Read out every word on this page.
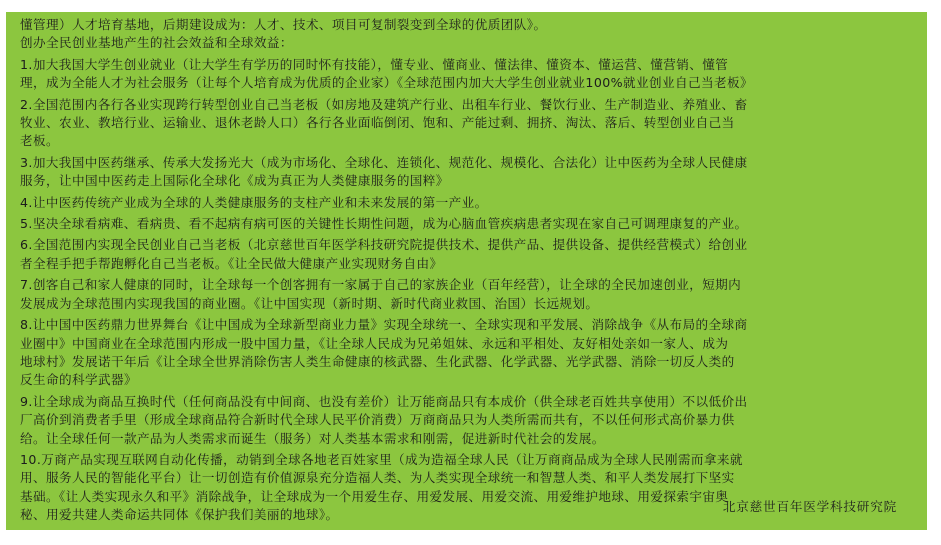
懂管理）人才培育基地，后期建设成为：人才、技术、项目可复制裂变到全球的优质团队》。
创办全民创业基地产生的社会效益和全球效益：
1.加大我国大学生创业就业（让大学生有学历的同时怀有技能），懂专业、懂商业、懂法律、懂资本、懂运营、懂营销、懂管
理，成为全能人才为社会服务（让每个人培育成为优质的企业家）《全球范围内加大大学生创业就业100%就业创业自己当老板》
2.全国范围内各行各业实现跨行转型创业自己当老板（如房地及建筑产行业、出租车行业、餐饮行业、生产制造业、养殖业、畜
牧业、农业、教培行业、运输业、退休老龄人口）各行各业面临倒闭、饱和、产能过剩、拥挤、淘汰、落后、转型创业自己当
老板。
3.加大我国中医药继承、传承大发扬光大（成为市场化、全球化、连锁化、规范化、规模化、合法化）让中医药为全球人民健康
服务，让中国中医药走上国际化全球化《成为真正为人类健康服务的国粹》
4.让中医药传统产业成为全球的人类健康服务的支柱产业和未来发展的第一产业。
5.坚决全球看病难、看病贵、看不起病有病可医的关键性长期性问题，成为心脑血管疾病患者实现在家自己可调理康复的产业。
6.全国范围内实现全民创业自己当老板（北京慈世百年医学科技研究院提供技术、提供产品、提供设备、提供经营模式）给创业
者全程手把手帮跑孵化自己当老板。《让全民做大健康产业实现财务自由》
7.创客自己和家人健康的同时，让全球每一个创客拥有一家属于自己的家族企业（百年经营），让全球的全民加速创业，短期内
发展成为全球范围内实现我国的商业圈。《让中国实现（新时期、新时代商业救国、治国）长远规划。
8.让中国中医药鼎力世界舞台《让中国成为全球新型商业力量》实现全球统一、全球实现和平发展、消除战争《从布局的全球商
业圈中》中国商业在全球范围内形成一股中国力量，《让全球人民成为兄弟姐妹、永远和平相处、友好相处亲如一家人、成为
地球村》发展诺干年后《让全球全世界消除伤害人类生命健康的核武器、生化武器、化学武器、光学武器、消除一切反人类的
反生命的科学武器》
9.让全球成为商品互换时代（任何商品没有中间商、也没有差价）让万能商品只有本成价（供全球老百姓共享使用）不以低价出
厂高价到消费者手里（形成全球商品符合新时代全球人民平价消费）万商商品只为人类所需而共有，不以任何形式高价暴力供
给。让全球任何一款产品为人类需求而诞生（服务）对人类基本需求和刚需，促进新时代社会的发展。
10.万商产品实现互联网自动化传播，动销到全球各地老百姓家里（成为造福全球人民（让万商商品成为全球人民刚需而拿来就
用、服务人民的智能化平台）让一切创造有价值源泉充分造福人类、为人类实现全球统一和智慧人类、和平人类发展打下坚实
基础。《让人类实现永久和平》消除战争，让全球成为一个用爱生存、用爱发展、用爱交流、用爱维护地球、用爱探索宇宙奥
秘、用爱共建人类命运共同体《保护我们美丽的地球》。
北京慈世百年医学科技研究院
